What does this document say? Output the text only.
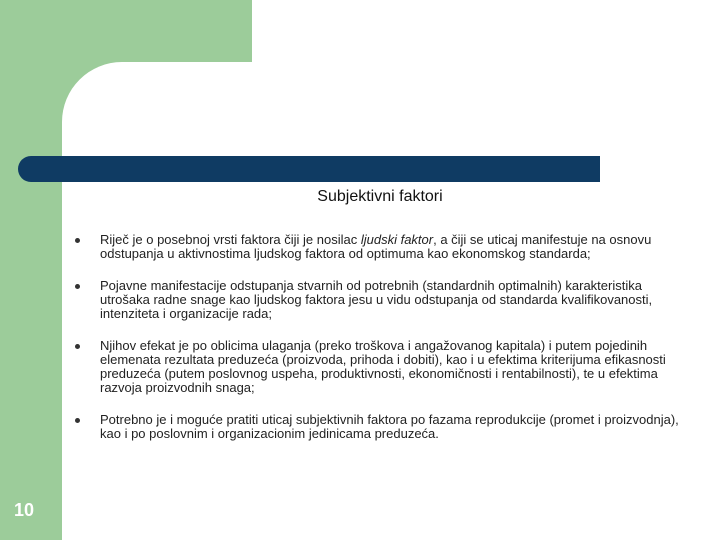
Subjektivni faktori
Riječ je o posebnoj vrsti faktora čiji je nosilac ljudski faktor, a čiji se uticaj manifestuje na osnovu odstupanja u aktivnostima ljudskog faktora od optimuma kao ekonomskog standarda;
Pojavne manifestacije odstupanja stvarnih od potrebnih (standardnih optimalnih) karakteristika utrošaka radne snage kao ljudskog faktora jesu u vidu odstupanja od standarda kvalifikovanosti, intenziteta i organizacije rada;
Njihov efekat je po oblicima ulaganja (preko troškova i angažovanog kapitala) i putem pojedinih elemenata rezultata preduzeća (proizvoda, prihoda i dobiti), kao i u efektima kriterijuma efikasnosti preduzeća (putem poslovnog uspeha, produktivnosti, ekonomičnosti i rentabilnosti), te u efektima razvoja proizvodnih snaga;
Potrebno je i moguće pratiti uticaj subjektivnih faktora po fazama reprodukcije (promet i proizvodnja), kao i po poslovnim i organizacionim jedinicama preduzeća.
10
